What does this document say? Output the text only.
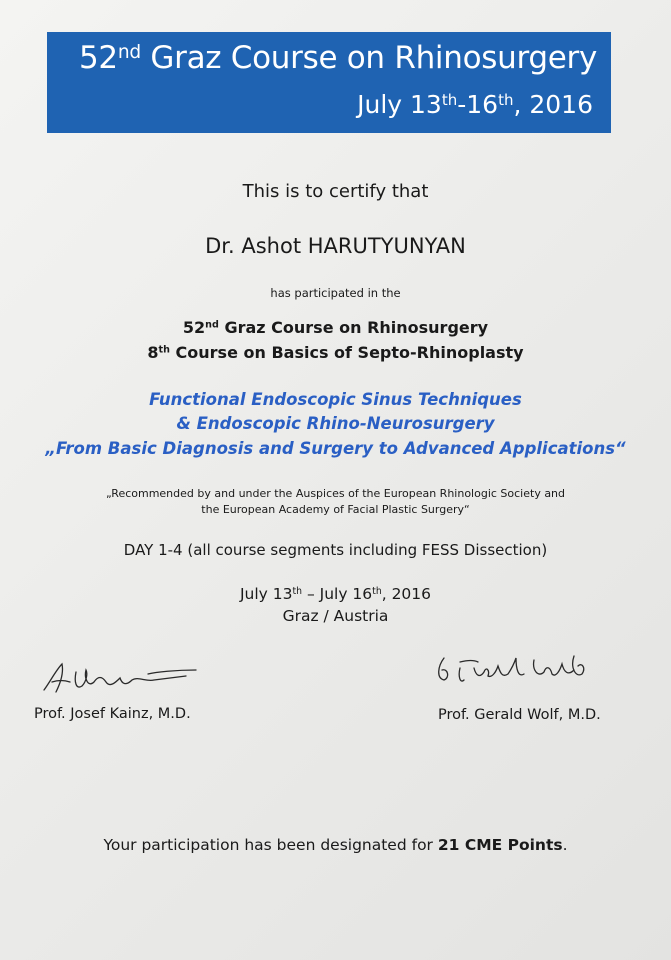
52nd Graz Course on Rhinosurgery
July 13th-16th, 2016
This is to certify that
Dr. Ashot HARUTYUNYAN
has participated in the
52nd Graz Course on Rhinosurgery
8th Course on Basics of Septo-Rhinoplasty
Functional Endoscopic Sinus Techniques
& Endoscopic Rhino-Neurosurgery
„From Basic Diagnosis and Surgery to Advanced Applications“
„Recommended by and under the Auspices of the European Rhinologic Society and
the European Academy of Facial Plastic Surgery“
DAY 1-4 (all course segments including FESS Dissection)
July 13th – July 16th, 2016
Graz / Austria
Prof. Josef Kainz, M.D.	Prof. Gerald Wolf, M.D.
Your participation has been designated for 21 CME Points.
